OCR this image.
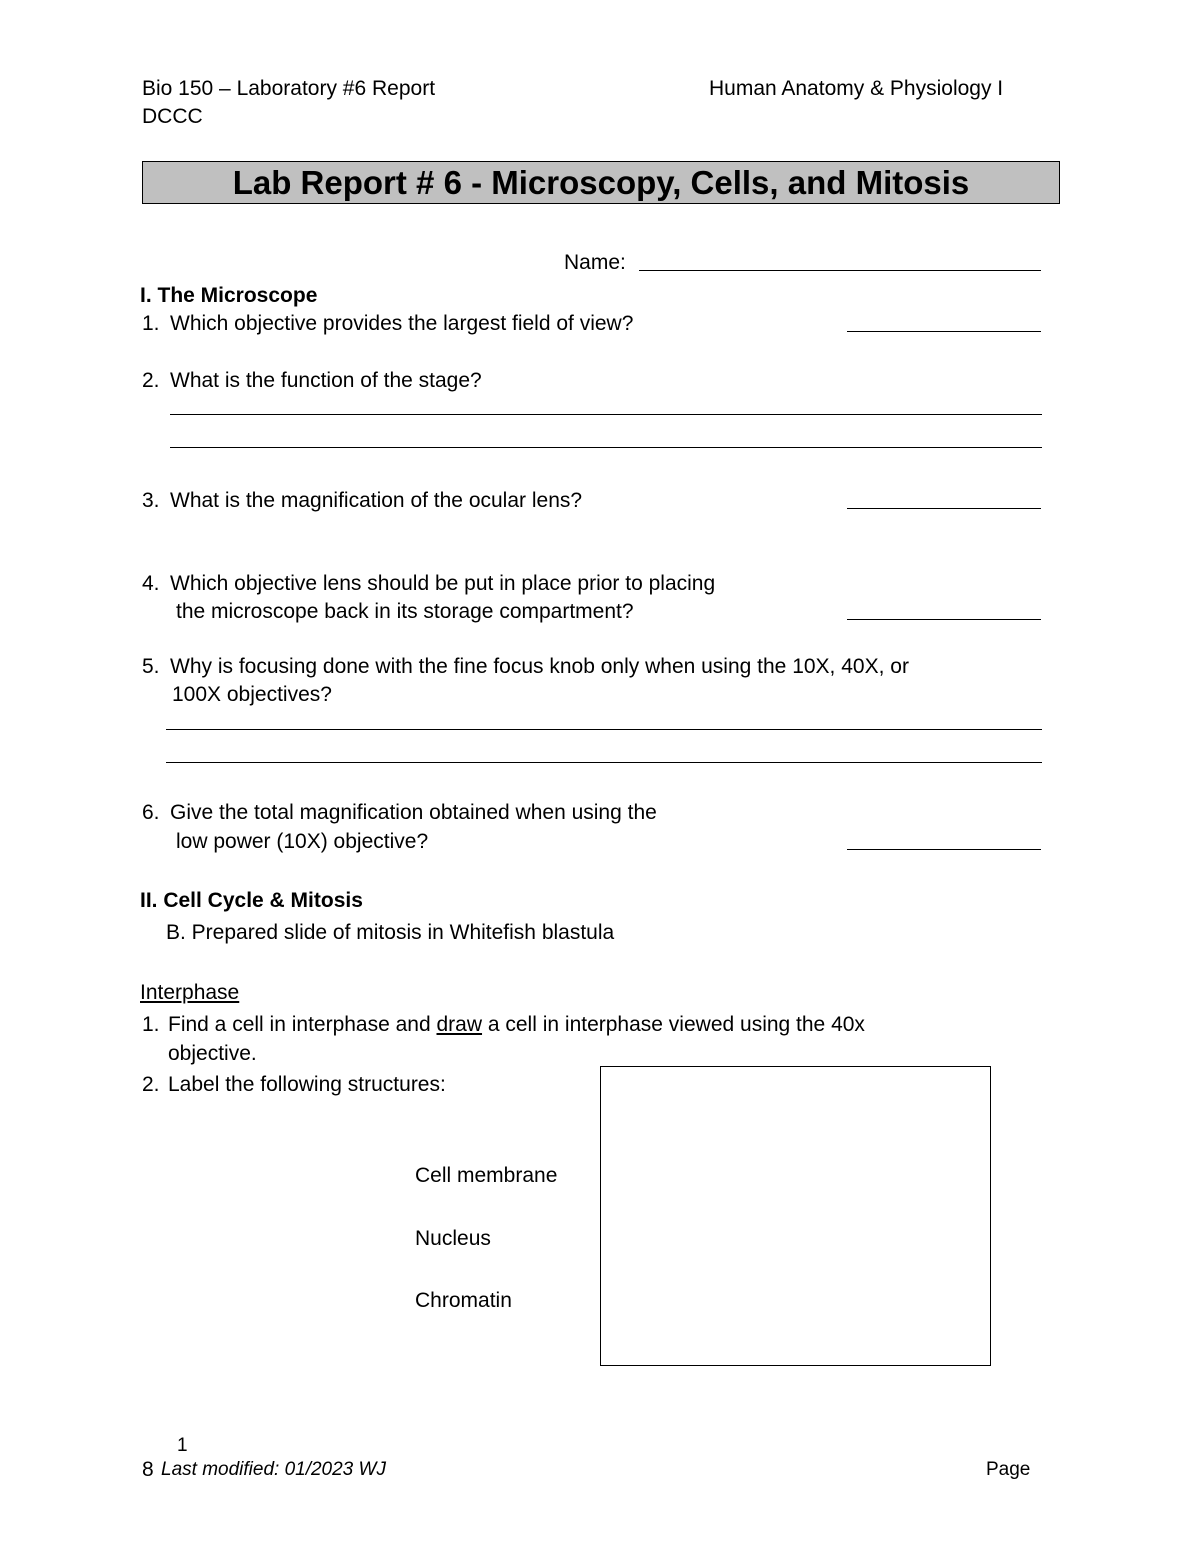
Bio 150 – Laboratory #6 Report	Human Anatomy & Physiology I
DCCC
Lab Report # 6 - Microscopy, Cells, and Mitosis
Name:
I. The Microscope
1. Which objective provides the largest field of view?
2. What is the function of the stage?
3. What is the magnification of the ocular lens?
4. Which objective lens should be put in place prior to placing
the microscope back in its storage compartment?
5. Why is focusing done with the fine focus knob only when using the 10X, 40X, or
100X objectives?
6. Give the total magnification obtained when using the
low power (10X) objective?
II. Cell Cycle & Mitosis
B. Prepared slide of mitosis in Whitefish blastula
Interphase
1. Find a cell in interphase and draw a cell in interphase viewed using the 40x
objective.
2. Label the following structures:
Cell membrane
Nucleus
Chromatin
1
8 Last modified: 01/2023 WJ	Page
